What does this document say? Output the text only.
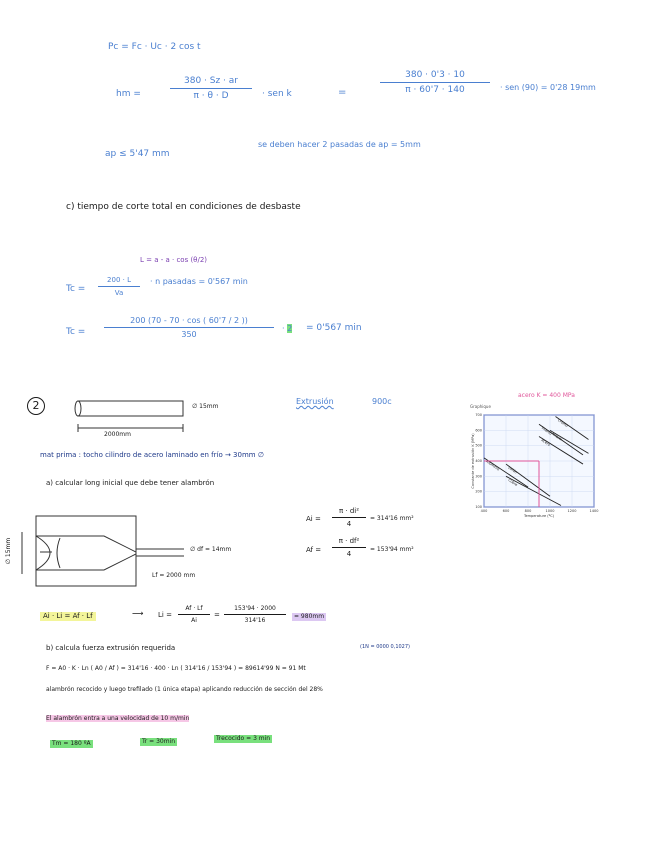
Pc = Fc · Uc · 2 cos t
hm =
380 · Sz · ar
π · θ · D	· sen k	=
380 · 0'3 · 10
π · 60'7 · 140	· sen (90) = 0'28 19mm
ap ≤ 5'47 mm
se deben hacer 2 pasadas de ap = 5mm
c) tiempo de corte total en condiciones de desbaste
L = a - a · cos (θ/2)
Tc =
200 · L
Va
· n pasadas = 0'567 min
Tc =
200 (70 - 70 · cos ( 60'7 / 2 ))
350
· 2 = 0'567 min
2	∅ 15mm
2000mm
Extrusión	900c
acero K = 400 MPa
Graphique
400	600	800	1000	1200	1400
100
200
300
400
500
600
700
Aluminio Latón
Cobre
Acero
Titanio
Níquel
Cromo
Temperature (ºC)
Constante de extrusión K (MPa)
mat prima : tocho cilindro de acero laminado en frío → 30mm ∅
a) calcular long inicial que debe tener alambrón
∅ 15mm	∅ df = 14mm
Lf = 2000 mm
Ai =
π · di²
4
= 314'16 mm²
Af =
π · df²
4
= 153'94 mm²
Ai · Li = Af · Lf	⟶ Li =
Af · Lf
Ai
=
153'94 · 2000
314'16
= 980mm
b) calcula fuerza extrusión requerida	(1N = 0000 0,1027)
F = A0 · K · Ln ( A0 / Af ) = 314'16 · 400 · Ln ( 314'16 / 153'94 ) = 89614'99 N = 91 Mt
alambrón recocido y luego trefilado (1 única etapa) aplicando reducción de sección del 28%
El alambrón entra a una velocidad de 10 m/min
Tm = 180 ºA	Tr = 30min	Trecocido = 3 min
